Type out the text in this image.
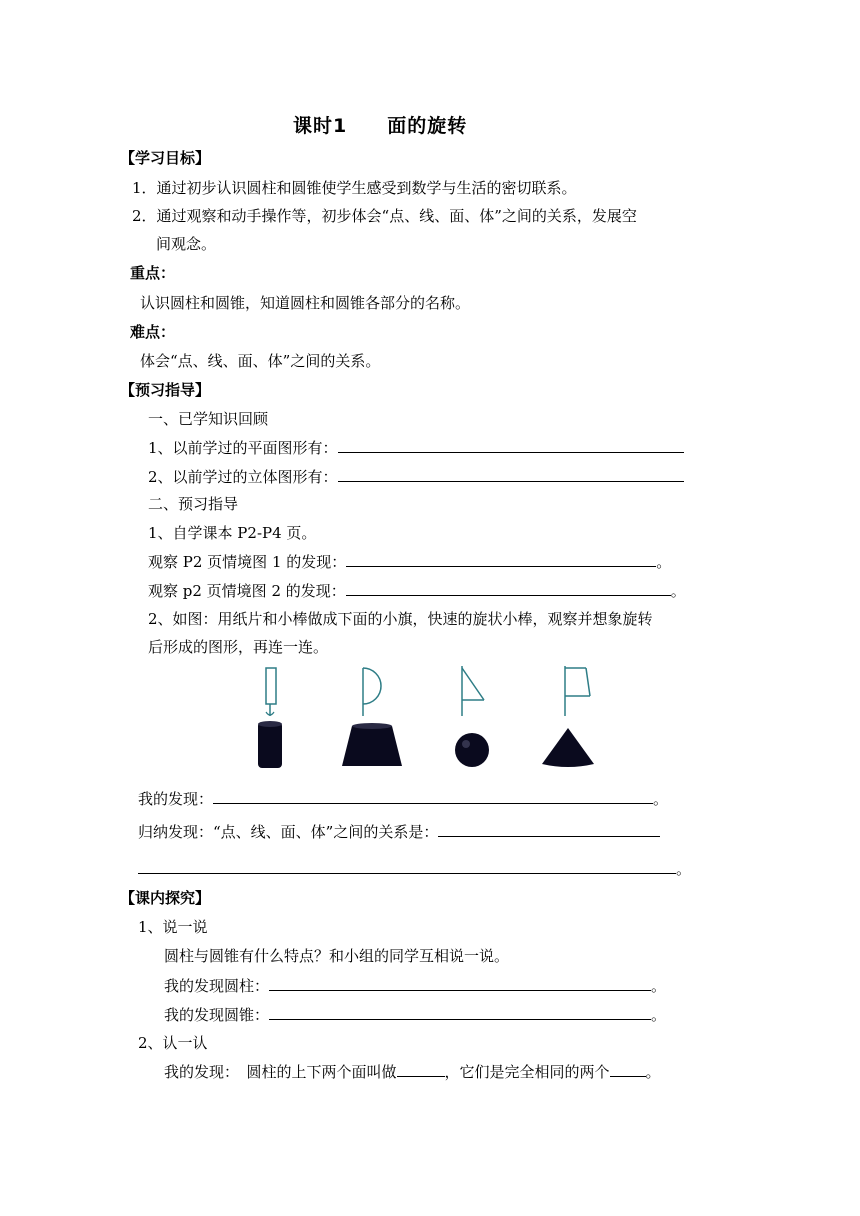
课时1　　面的旋转
【学习目标】
1．通过初步认识圆柱和圆锥使学生感受到数学与生活的密切联系。
2．通过观察和动手操作等，初步体会“点、线、面、体”之间的关系，发展空
间观念。
重点：
认识圆柱和圆锥，知道圆柱和圆锥各部分的名称。
难点：
体会“点、线、面、体”之间的关系。
【预习指导】
一、已学知识回顾
1、以前学过的平面图形有：
2、以前学过的立体图形有：
二、预习指导
1、自学课本 P2-P4 页。
观察 P2 页情境图 1 的发现：	。
观察 p2 页情境图 2 的发现：	。
2、如图：用纸片和小棒做成下面的小旗，快速的旋状小棒，观察并想象旋转
后形成的图形，再连一连。
我的发现：	。
归纳发现：“点、线、面、体”之间的关系是：
。
【课内探究】
1、说一说
圆柱与圆锥有什么特点？和小组的同学互相说一说。
我的发现圆柱：	。
我的发现圆锥：	。
2、认一认
我的发现：　圆柱的上下两个面叫做	，它们是完全相同的两个 。
